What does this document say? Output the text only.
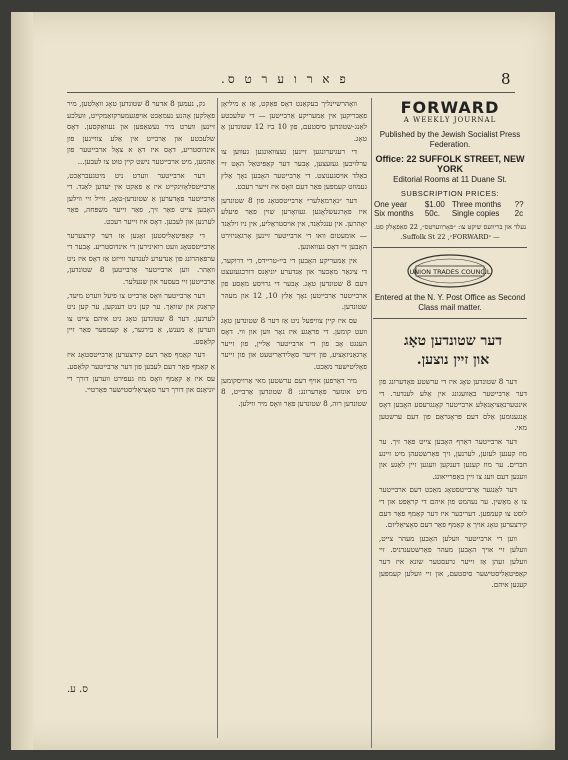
פ א ר ו ע ר ט ס.	8

גק, נעמען 8 אדער 8 שטונדען טאָג וואָלטען, מיר פאָלקען אָהנע נעמאַכט אויפגעמערקזאַמקייט, וועלכע זיינען ווערט מיר נעשאַפען און נעוואַקסען. דאָס שלעכטע און אַרבייט אין אַלע צווייגען פון אינדוסטריע, דאָס איז דאָ א צאָל ארבייטער פון אַהמען, מיט ארבייטער נישט קיין טוּט צו לעבען...

דער ארבייטער ווערט ניט מיטגעבראַכט, אַרבייטסלאָזיגקייט איז אַ פאַקט אין יעדען לאַנד. די אַרבייטער פאָדערען אַ שטונדען-טאָג, ווייל זיי ווילען האָבען צייט פאַר זיך, פאַר זייער משפּחה, פאַר לערנען און לעבען. דאָס איז זייער רעכט.

די קאַפּיטאַליסטען זאָגען אַז דער קירצערער אַרבייטסטאָג וועט רואינירען די אינדוסטריע. אָבער די ערפאַהרונג פון אַנדערע לענדער ווייזט אַז דאָס איז ניט וואַהר. ווען ארבייטער אַרבייטען 8 שטונדען, אַרבייטען זיי בעסער און שנעלער.

דער אַרבייטער וואָס אַרבייט צו פיעל ווערט מיעד, קראַנק און שוואַך. ער קען ניט דענקען, ער קען ניט לערנען. דער 8 שטונדען טאָג גיט איהם צייט צו ווערען אַ מענש, אַ בירגער, אַ קעמפער פאַר זיין קלאַסע.

דער קאַמף פאַר דעם קירצערען אַרבייטסטאָג איז אַ קאַמף פאַר דעם לעבען פון דער אַרבייטער קלאַסע. עס איז אַ קאַמף וואָס מוז געפירט ווערען דורך די יוניאַנס און דורך דער סאָציאַליסטישער פּאַרטיי.

ס. ע.

וואָהרשיינליך בעקאַנט דאָס פאַקט, אַז אַ מיליאָן פאַבריקען אין אַמעריקע אַרבייטען — די שלעכטע לאַנג-שטונדען סיסטעם, פון 10 ביז 12 שטונדען אַ טאָג.

די רעגיערונגען זיינען נעצוואונגען געווען צו ערלויבען געזעצען, אָבער דער קאַפּיטאַל האָט זיי באַלד אויסגענוצט. די אַרבייטער האָבען נאָך אַלץ געמוזט קעמפען פאַר דעם וואָס איז זייער רעכט.

דער ״נאָרמאַלער״ אַרבייטסטאָג פון 8 שטונדען איז פאָרגעשלאָגען געוואָרען שוין פאַר פיעלע יאָהרען. אין ענגלאַנד, אין אויסטראַליע, אין ניו זילאַנד — אומעטום וואו די ארבייטער זיינען אָרגאַניזירט האָבען זיי דאָס געוואונען.

אין אַמעריקע האָבען די ביי-טריידס, די דרוקער, די ציגאַר מאַכער און אַנדערע יוניאַנס דורכגעזעצט דעם 8 שטונדען טאָג. אָבער די גרויסע מאַסע פון ארבייטער אַרבייטען נאָך אַלץ 10, 12 און מעהר שטונדען.

עס איז קיין צוויפעל ניט אַז דער 8 שטונדען טאָג וועט קומען. די פראַגע איז נאָר ווען און ווי. דאָס הענגט אָב פון די ארבייטער אַליין, פון זייער אָרגאַניזאַציע, פון זייער סאָלידאַריטעט און פון זייער פאָליטישער מאַכט.

מיר דאַרפען אויף דעם ערשטען מאי אַרויסקומען מיט אונזער פאָדערונג: 8 שטונדען אַרבייט, 8 שטונדען רוה, 8 שטונדען פאַר וואָס מיר ווילען.

FORWARD
A WEEKLY JOURNAL
Published by the Jewish Socialist Press Federation.
Office: 22 SUFFOLK STREET, NEW YORK
Editorial Rooms at 11 Duane St.
SUBSCRIPTION PRICES:
One year	$1.00	Three months	??
Six months	50c.	Single copies	2c
נעלד און בריוועס שיקט צו: ״פאָרווערטס״, 22 סאַפאָלק סט. — ״FORWARD״, 22 Suffolk St.
UNION TRADES COUNCIL
Entered at the N. Y. Post Office as Second Class mail matter.
דער שטונדען טאָג
און זיין נוצען.

דער 8 שטונדען טאָג איז די ערשטע פאָדערונג פון דער אַרבייטער באַוועגונג אין אַלע לענדער. די אינטערנאַציאָנאַלע ארבייטער קאָנגרעסע האָבען דאָס אָנגענומען אַלס דעם פּראָגראַם פון דעם ערשטען מאי.

דער ארבייטער דאַרף האָבען צייט פאַר זיך. ער מוז קענען לעזען, לערנען, זיך פאַרשטעהן מיט זיינע חברים. ער מוז קענען דענקען וועגען זיין לאַגע און וועגען דעם וועג צו זיין באַפרייאונג.

דער לאַנגער אַרבייטסטאָג מאַכט דעם ארבייטער צו אַ מאַשין. ער נעהמט פון איהם די קראַפט און די לוסט צו קעמפען. דעריבער איז דער קאַמף פאַר דעם קירצערען טאָג אויך אַ קאַמף פאַר דעם סאָציאַליזם.

ווען די ארבייטער וועלען האָבען מעהר צייט, וועלען זיי אויך האָבען מעהר פאַרשטענדניס. זיי וועלען זעהן אַז זייער גרעסטער שונא איז דער קאַפּיטאַליסטישער סיסטעם, און זיי וועלען קעמפען קעגען איהם.
